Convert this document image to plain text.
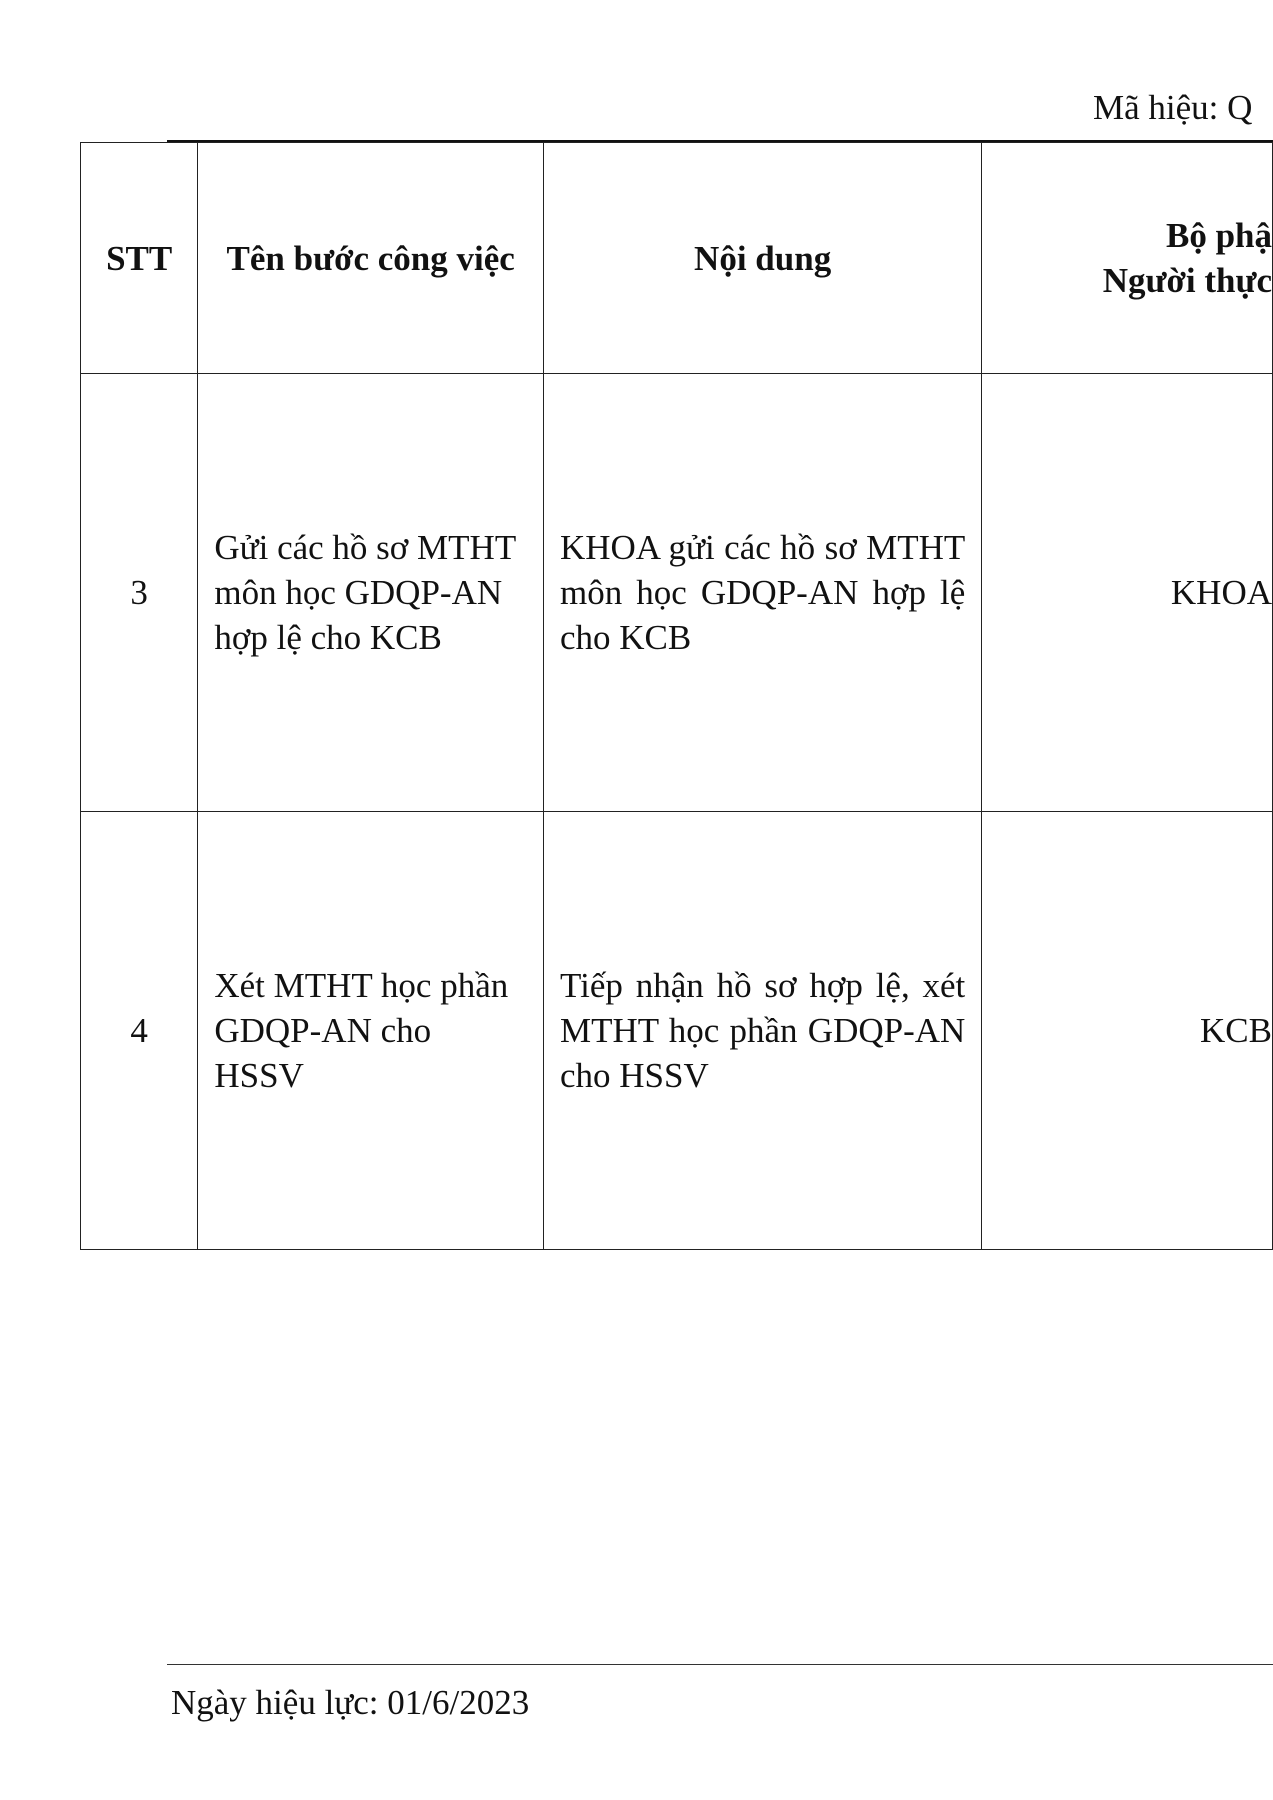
Mã hiệu: Q
STT	Tên bước công việc	Nội dung	Bộ phậ
Người thực

3	Gửi các hồ sơ MTHT môn học GDQP-AN hợp lệ cho KCB	KHOA gửi các hồ sơ MTHT môn học GDQP-AN hợp lệ cho KCB	KHOA
4	Xét MTHT học phần GDQP-AN cho HSSV	Tiếp nhận hồ sơ hợp lệ, xét MTHT học phần GDQP-AN cho HSSV	KCB
Ngày hiệu lực: 01/6/2023
